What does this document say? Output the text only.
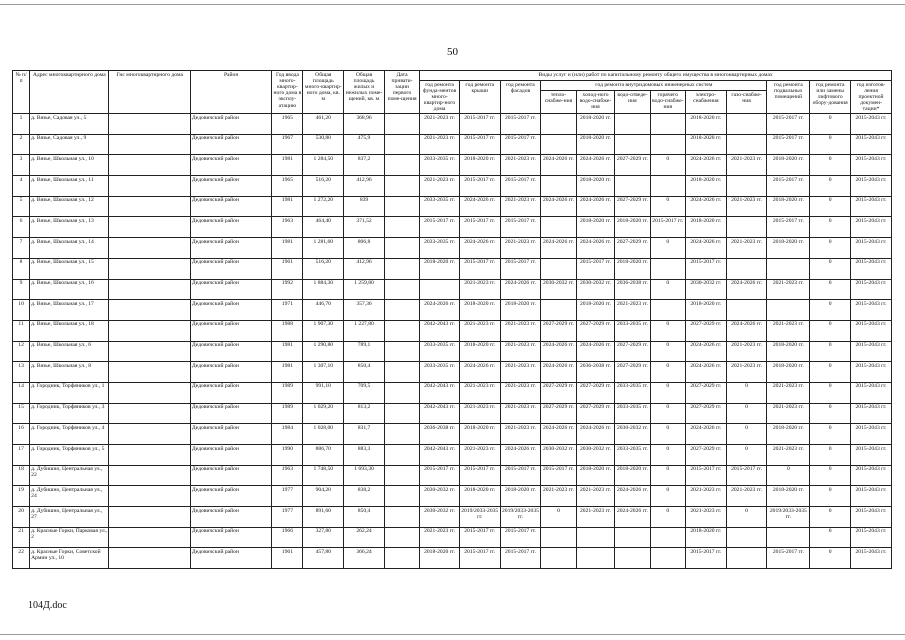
50
№ п/п	Адрес многоквартирного дома	Гис многоквартирного дома	Район	Год ввода много-квартир-ного дома в эксплу-атацию	Общая площадь много-квартир-ного дома, кв. м	Общая площадь жилых и нежилых поме-щений, кв. м	Дата привати-зации первого поме-щения	Виды услуг и (или) работ по капитальному ремонту общего имущества в многоквартирных домах											
								год ремонта фунда-ментов много-квартир-ного дома	год ремонта крыши	год ремонта фасадов	год ремонта внутридомовых инженерных систем						год ремонта подвальных помещений	год ремонта или замены лифтового обору-дования	год изготов-ления проектной докумен-тации*
											тепло-снабже-ния	холод-ного водо-снабже-ния	водо-отведе-ния	горячего водо-снабже-ния	электро-снабжения	газо-снабже-ния			
1	д. Вязье, Садовая ул., 5		Дедовичский район	1965	461,20	368,96		2021-2023 гг.	2015-2017 гг.	2015-2017 гг.		2018-2020 гг.			2018-2020 гг.		2015-2017 гг.	0	2015-2043 гг.
2	д. Вязье, Садовая ул., 9		Дедовичский район	1967	530,80	475,9		2021-2023 гг.	2015-2017 гг.	2015-2017 гг.		2018-2020 гг.			2018-2020 гг.		2015-2017 гг.	0	2015-2043 гг.
3	д. Вязье, Школьная ул., 10		Дедовичский район	1981	1 284,50	837,2		2033-2035 гг.	2018-2020 гг.	2021-2023 гг.	2024-2026 гг.	2024-2026 гг.	2027-2029 гг.	0	2024-2026 гг.	2021-2023 гг.	2018-2020 гг.	0	2015-2043 гг.
4	д. Вязье, Школьная ул., 11		Дедовичский район	1965	516,20	412,96		2021-2023 гг.	2015-2017 гг.	2015-2017 гг.		2018-2020 гг.			2018-2020 гг.		2015-2017 гг.	0	2015-2043 гг.
5	д. Вязье, Школьная ул., 12		Дедовичский район	1981	1 272,20	839		2033-2035 гг.	2024-2026 гг.	2021-2023 гг.	2024-2026 гг.	2024-2026 гг.	2027-2029 гг.	0	2024-2026 гг.	2021-2023 гг.	2018-2020 гг.	0	2015-2043 гг.
6	д. Вязье, Школьная ул., 13		Дедовичский район	1963	464,40	371,52		2015-2017 гг.	2015-2017 гг.	2015-2017 гг.		2018-2020 гг.	2018-2020 гг.	2015-2017 гг.	2018-2020 гг.		2015-2017 гг.	0	2015-2043 гг.
7	д. Вязье, Школьная ул., 14		Дедовичский район	1981	1 281,60	806,8		2033-2035 гг.	2024-2026 гг.	2021-2023 гг.	2024-2026 гг.	2024-2026 гг.	2027-2029 гг.	0	2024-2026 гг.	2021-2023 гг.	2018-2020 гг.	0	2015-2043 гг.
8	д. Вязье, Школьная ул., 15		Дедовичский район	1961	516,20	412,96		2018-2020 гг.	2015-2017 гг.	2015-2017 гг.		2015-2017 гг.	2018-2020 гг.		2015-2017 гг.			0	2015-2043 гг.
9	д. Вязье, Школьная ул., 16		Дедовичский район	1992	1 884,30	1 259,80			2021-2023 гг.	2024-2026 гг.	2030-2032 гг.	2030-2032 гг.	2036-2038 гг.	0	2030-2032 гг.	2024-2026 гг.	2021-2023 гг.	0	2015-2043 гг.
10	д. Вязье, Школьная ул., 17		Дедовичский район	1971	446,70	357,36		2024-2026 гг.	2018-2020 гг.	2018-2020 гг.		2018-2020 гг.	2021-2023 гг.		2018-2020 гг.			0	2015-2043 гг.
11	д. Вязье, Школьная ул., 18		Дедовичский район	1988	1 907,30	1 227,80		2042-2043 гг.	2021-2023 гг.	2021-2023 гг.	2027-2029 гг.	2027-2029 гг.	2033-2035 гг.	0	2027-2029 гг.	2024-2026 гг.	2021-2023 гг.	0	2015-2043 гг.
12	д. Вязье, Школьная ул., 6		Дедовичский район	1981	1 290,80	789,1		2033-2035 гг.	2018-2020 гг.	2021-2023 гг.	2024-2026 гг.	2024-2026 гг.	2027-2029 гг.	0	2024-2026 гг.	2021-2023 гг.	2018-2020 гг.	0	2015-2043 гг.
13	д. Вязье, Школьная ул., 8		Дедовичский район	1981	1 307,10	850,4		2033-2035 гг.	2024-2026 гг.	2021-2023 гг.	2024-2026 гг.	2036-2038 гг.	2027-2029 гг.	0	2024-2026 гг.	2021-2023 гг.	2018-2020 гг.	0	2015-2043 гг.
14	д. Городник, Торфяников ул., 1		Дедовичский район	1989	991,10	709,5		2042-2043 гг.	2021-2023 гг.	2021-2023 гг.	2027-2029 гг.	2027-2029 гг.	2033-2035 гг.	0	2027-2029 гг.	0	2021-2023 гг.	0	2015-2043 гг.
15	д. Городник, Торфяников ул., 3		Дедовичский район	1989	1 029,20	813,2		2042-2043 гг.	2021-2023 гг.	2021-2023 гг.	2027-2029 гг.	2027-2029 гг.	2033-2035 гг.	0	2027-2029 гг.	0	2021-2023 гг.	0	2015-2043 гг.
16	д. Городник, Торфяников ул., 4		Дедовичский район	1984	1 028,00	831,7		2036-2038 гг.	2018-2020 гг.	2021-2023 гг.	2024-2026 гг.	2024-2026 гг.	2030-2032 гг.	0	2024-2026 гг.	0	2018-2020 гг.	0	2015-2043 гг.
17	д. Городник, Торфяников ул., 5		Дедовичский район	1990	886,70	883,3		2042-2043 гг.	2021-2023 гг.	2024-2026 гг.	2030-2032 гг.	2030-2032 гг.	2033-2035 гг.	0	2027-2029 гг.	0	2021-2023 гг.	0	2015-2043 гг.
18	д. Дубишно, Центральная ул., 22		Дедовичский район	1963	1 748,50	1 693,30		2015-2017 гг.	2015-2017 гг.	2015-2017 гг.	2015-2017 гг.	2018-2020 гг.	2018-2020 гг.	0	2015-2017 гг.	2015-2017 гг.	0	0	2015-2043 гг.
19	д. Дубишно, Центральная ул., 24		Дедовичский район	1977	904,20	838,2		2030-2032 гг.	2018-2020 гг.	2018-2020 гг.	2021-2023 гг.	2021-2023 гг.	2024-2026 гг.	0	2021-2023 гг.	2021-2023 гг.	2018-2020 гг.	0	2015-2043 гг.
20	д. Дубишно, Центральная ул., 27		Дедовичский район	1977	891,60	850,4		2030-2032 гг.	2019/2033-2035 гг.	2019/2033-2035 гг.	0	2021-2023 гг.	2024-2026 гг.	0	2021-2023 гг.	0	2019/2033-2035 гг.	0	2015-2043 гг.
21	д. Красные Горки, Парковая ул., 2		Дедовичский район	1966	327,80	262,24		2021-2023 гг.	2015-2017 гг.	2015-2017 гг.					2018-2020 гг.			0	2015-2043 гг.
22	д. Красные Горки, Советской Армии ул., 10		Дедовичский район	1961	457,80	366,24		2018-2020 гг.	2015-2017 гг.	2015-2017 гг.					2015-2017 гг.		2015-2017 гг.	0	2015-2043 гг.
104Д.doc
